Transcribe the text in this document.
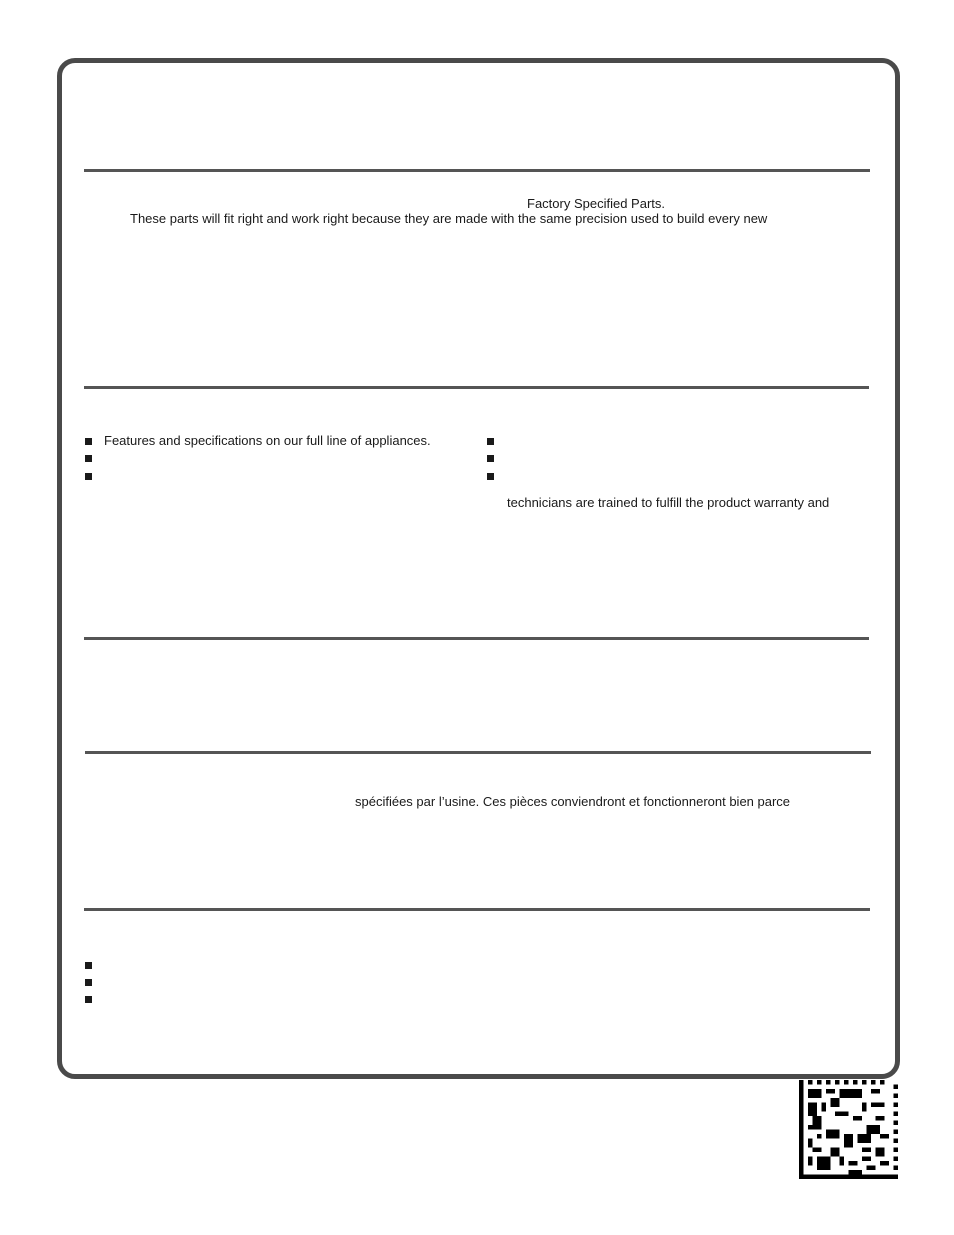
Factory Specified Parts.
These parts will fit right and work right because they are made with the same precision used to build every new
Features and specifications on our full line of appliances.
technicians are trained to fulfill the product warranty and
spécifiées par l’usine. Ces pièces conviendront et fonctionneront bien parce
